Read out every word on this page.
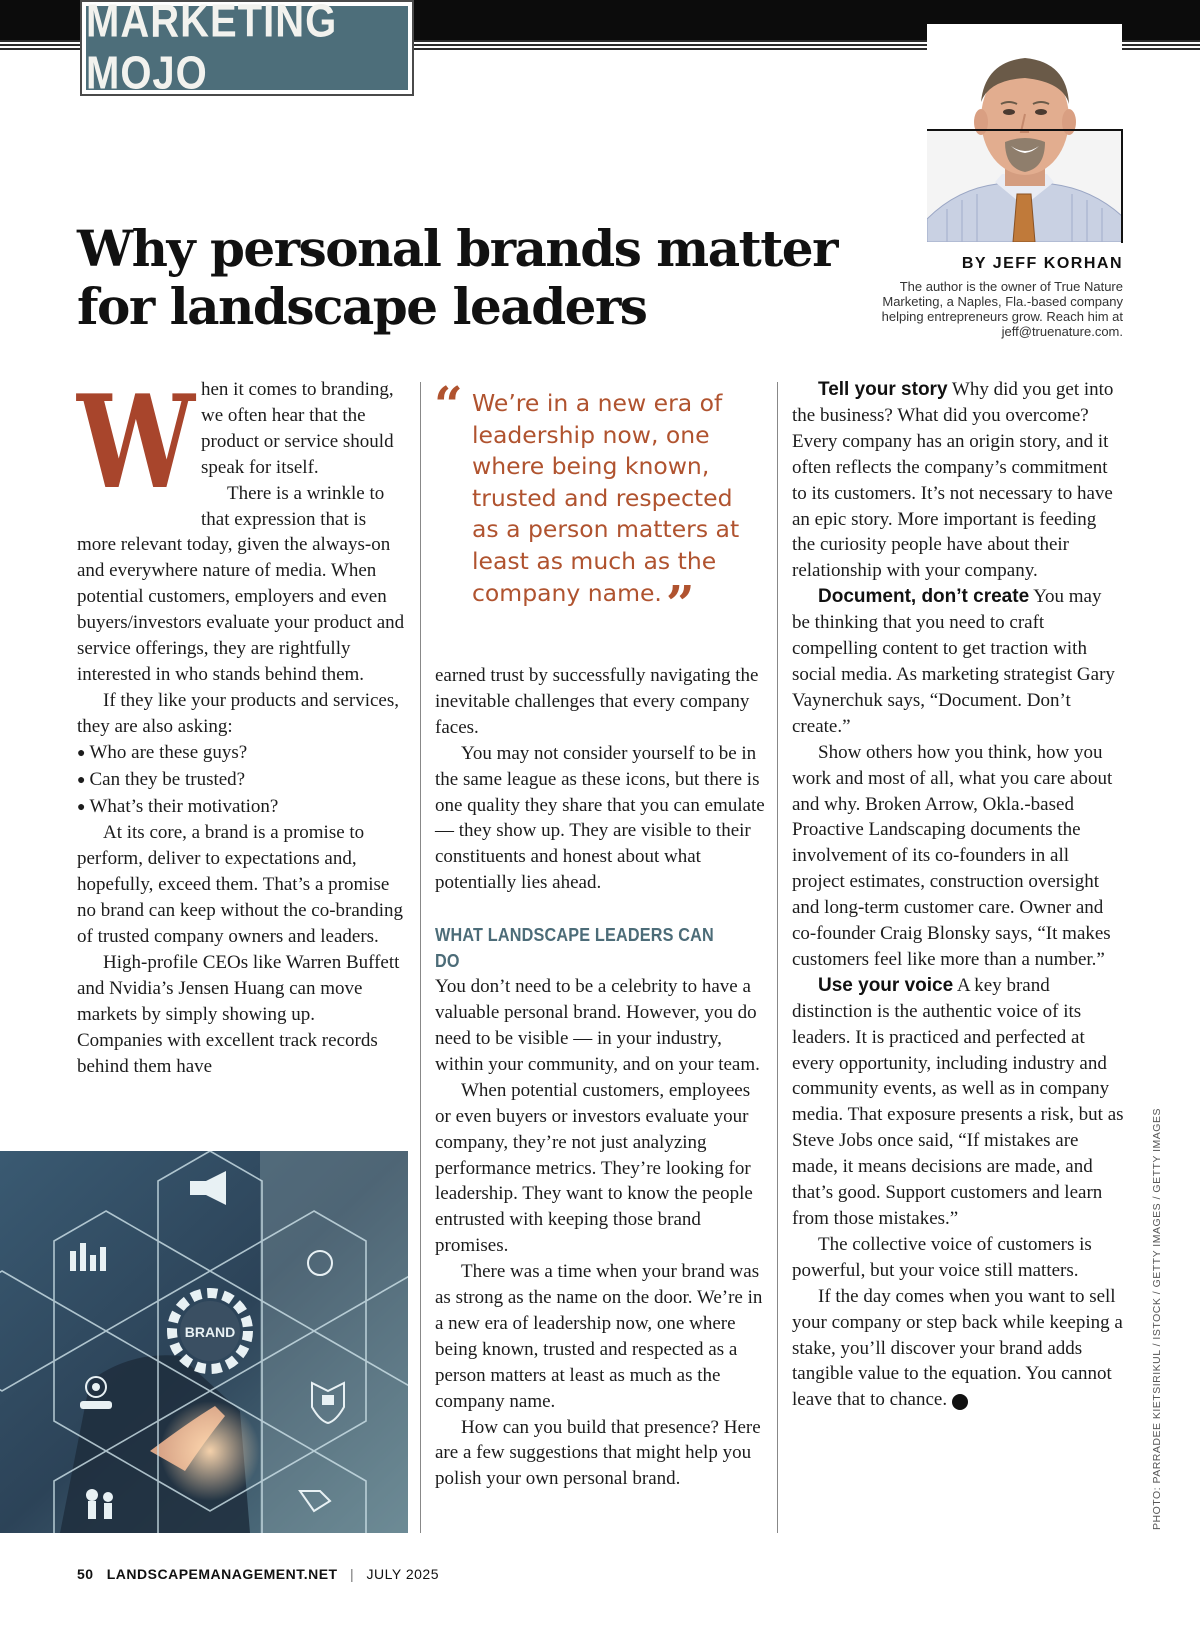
MARKETING MOJO
BY JEFF KORHAN
The author is the owner of True Nature Marketing, a Naples, Fla.-based company helping entrepreneurs grow. Reach him at jeff@truenature.com.
Why personal brands matter for landscape leaders
W hen it comes to branding, we often hear that the product or service should speak for itself.

There is a wrinkle to that expression that is more relevant today, given the always-on and everywhere nature of media. When potential customers, employers and even buyers/investors evaluate your product and service offerings, they are rightfully interested in who stands behind them.

If they like your products and services, they are also asking:

● Who are these guys?
● Can they be trusted?
● What’s their motivation?

At its core, a brand is a promise to perform, deliver to expectations and, hopefully, exceed them. That’s a promise no brand can keep without the co-branding of trusted company owners and leaders.

High-profile CEOs like Warren Buffett and Nvidia’s Jensen Huang can move markets by simply showing up. Companies with excellent track records behind them have

“ We’re in a new era of leadership now, one where being known, trusted and respected as a person matters at least as much as the company name.”

earned trust by successfully navigating the inevitable challenges that every company faces.

You may not consider yourself to be in the same league as these icons, but there is one quality they share that you can emulate — they show up. They are visible to their constituents and honest about what potentially lies ahead.

WHAT LANDSCAPE LEADERS CAN DO

You don’t need to be a celebrity to have a valuable personal brand. However, you do need to be visible — in your industry, within your community, and on your team.

When potential customers, employees or even buyers or investors evaluate your company, they’re not just analyzing performance metrics. They’re looking for leadership. They want to know the people entrusted with keeping those brand promises.

There was a time when your brand was as strong as the name on the door. We’re in a new era of leadership now, one where being known, trusted and respected as a person matters at least as much as the company name.

How can you build that presence? Here are a few suggestions that might help you polish your own personal brand.

Tell your story Why did you get into the business? What did you overcome? Every company has an origin story, and it often reflects the company’s commitment to its customers. It’s not necessary to have an epic story. More important is feeding the curiosity people have about their relationship with your company.

Document, don’t create You may be thinking that you need to craft compelling content to get traction with social media. As marketing strategist Gary Vaynerchuk says, “Document. Don’t create.”

Show others how you think, how you work and most of all, what you care about and why. Broken Arrow, Okla.-based Proactive Landscaping documents the involvement of its co-founders in all project estimates, construction oversight and long-term customer care. Owner and co-founder Craig Blonsky says, “It makes customers feel like more than a number.”

Use your voice A key brand distinction is the authentic voice of its leaders. It is practiced and perfected at every opportunity, including industry and community events, as well as in company media. That exposure presents a risk, but as Steve Jobs once said, “If mistakes are made, it means decisions are made, and that’s good. Support customers and learn from those mistakes.”

The collective voice of customers is powerful, but your voice still matters.

If the day comes when you want to sell your company or step back while keeping a stake, you’ll discover your brand adds tangible value to the equation. You cannot leave that to chance.	LM

BRAND	PHOTO: PARRADEE KIETSIRIKUL / ISTOCK / GETTY IMAGES / GETTY IMAGES
50 LANDSCAPEMANAGEMENT.NET | JULY 2025
